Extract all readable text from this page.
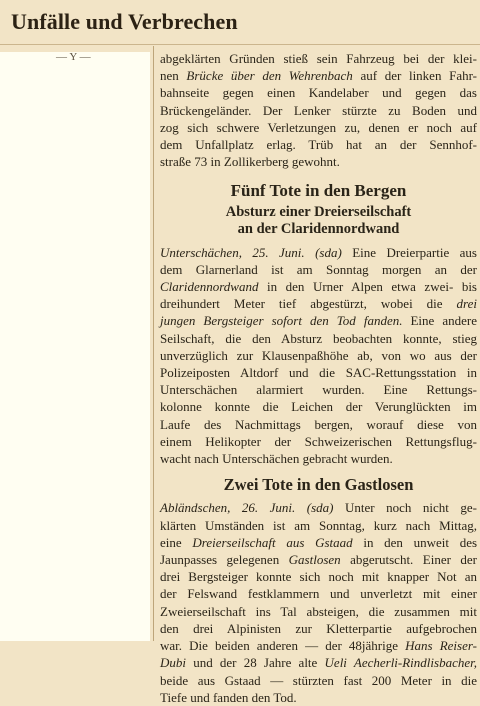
Unfälle und Verbrechen
abgeklärten Gründen stieß sein Fahrzeug bei der klei-
nen Brücke über den Wehrenbach auf der linken Fahr-
bahnseite gegen einen Kandelaber und gegen das
Brückengeländer. Der Lenker stürzte zu Boden und
zog sich schwere Verletzungen zu, denen er noch auf
dem Unfallplatz erlag. Trüb hat an der Sennhof-
straße 73 in Zollikerberg gewohnt.
Fünf Tote in den Bergen
Absturz einer Dreierseilschaft
an der Claridennordwand
Unterschächen, 25. Juni. (sda) Eine Dreierpartie aus
dem Glarnerland ist am Sonntag morgen an der
Claridennordwand in den Urner Alpen etwa zwei- bis
dreihundert Meter tief abgestürzt, wobei die drei
jungen Bergsteiger sofort den Tod fanden. Eine andere
Seilschaft, die den Absturz beobachten konnte, stieg
unverzüglich zur Klausenpaßhöhe ab, von wo aus der
Polizeiposten Altdorf und die SAC-Rettungsstation in
Unterschächen alarmiert wurden. Eine Rettungs-
kolonne konnte die Leichen der Verunglückten im
Laufe des Nachmittags bergen, worauf diese von
einem Helikopter der Schweizerischen Rettungsflug-
wacht nach Unterschächen gebracht wurden.
Zwei Tote in den Gastlosen
Abländschen, 26. Juni. (sda) Unter noch nicht ge-
klärten Umständen ist am Sonntag, kurz nach Mittag,
eine Dreierseilschaft aus Gstaad in den unweit des
Jaunpasses gelegenen Gastlosen abgerutscht. Einer der
drei Bergsteiger konnte sich noch mit knapper Not an
der Felswand festklammern und unverletzt mit einer
Zweierseilschaft ins Tal absteigen, die zusammen mit
den drei Alpinisten zur Kletterpartie aufgebrochen
war. Die beiden anderen — der 48jährige Hans Reiser-
Dubi und der 28 Jahre alte Ueli Aecherli-Rindlisbacher,
beide aus Gstaad — stürzten fast 200 Meter in die
Tiefe und fanden den Tod.
